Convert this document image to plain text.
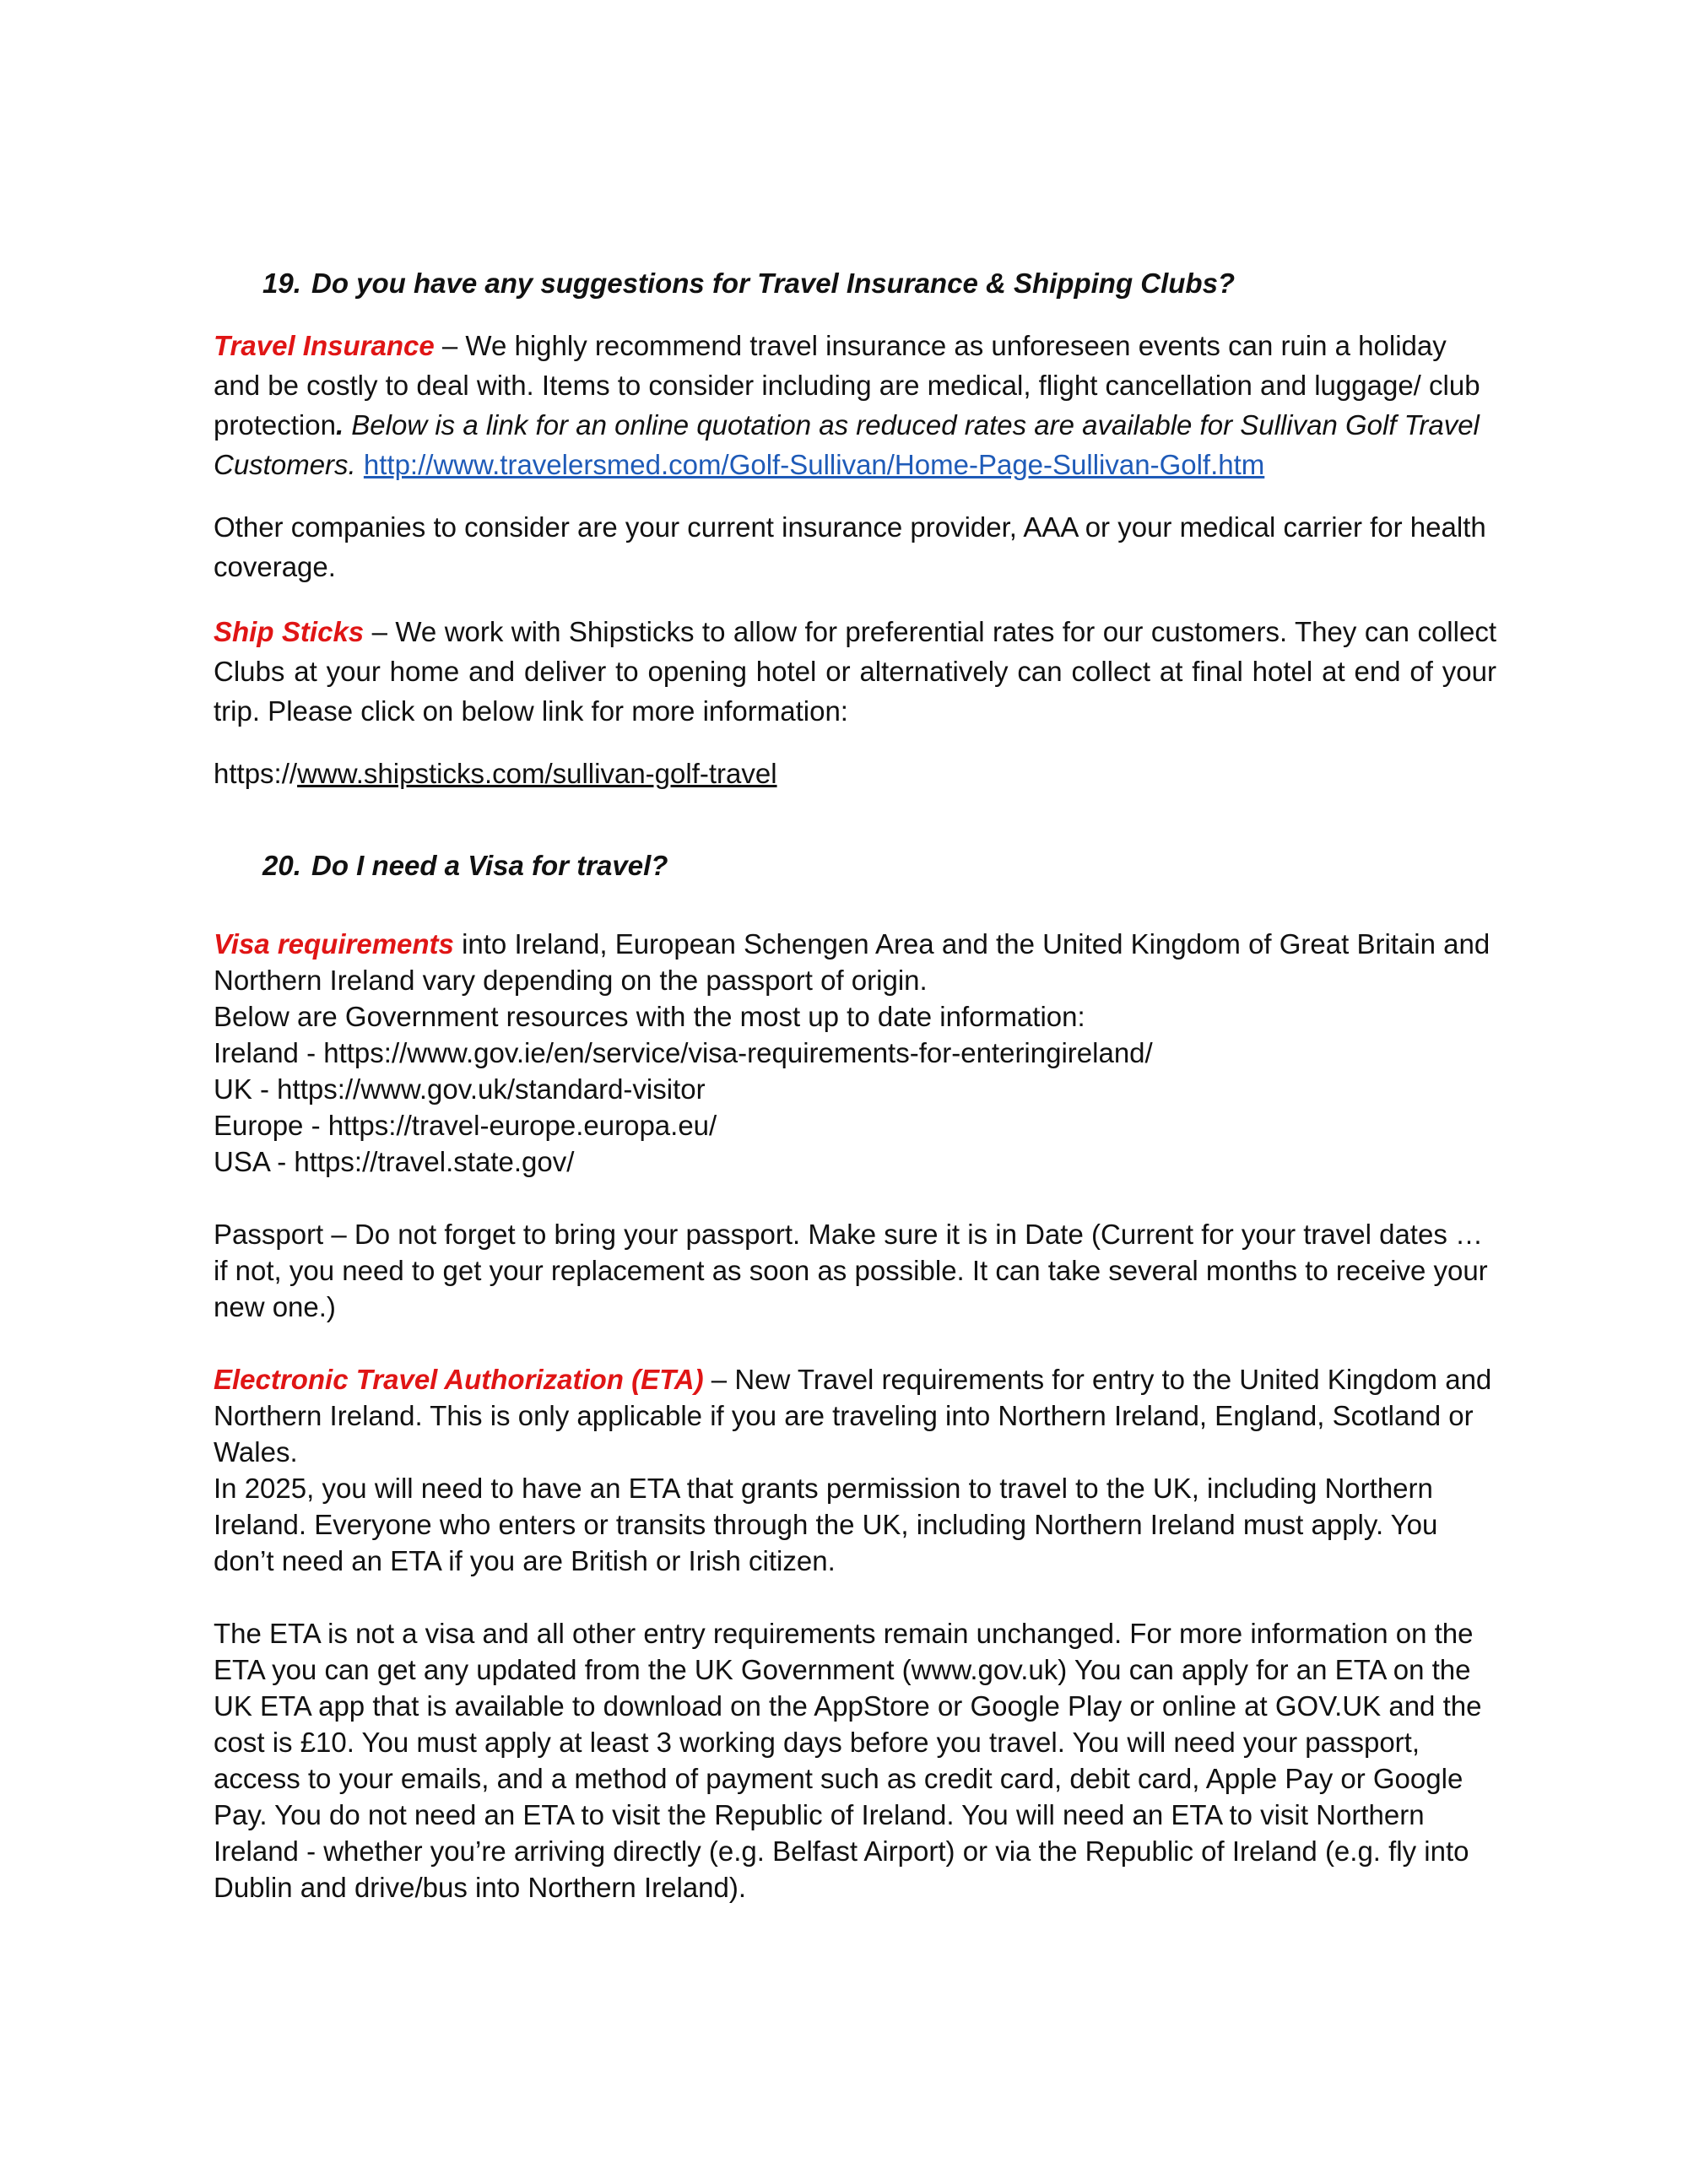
19. Do you have any suggestions for Travel Insurance & Shipping Clubs?

Travel Insurance – We highly recommend travel insurance as unforeseen events can ruin a holiday and be costly to deal with. Items to consider including are medical, flight cancellation and luggage/ club protection. Below is a link for an online quotation as reduced rates are available for Sullivan Golf Travel Customers. http://www.travelersmed.com/Golf-Sullivan/Home-Page-Sullivan-Golf.htm

Other companies to consider are your current insurance provider, AAA or your medical carrier for health coverage.

Ship Sticks – We work with Shipsticks to allow for preferential rates for our customers. They can collect Clubs at your home and deliver to opening hotel or alternatively can collect at final hotel at end of your trip. Please click on below link for more information:

https://www.shipsticks.com/sullivan-golf-travel

20. Do I need a Visa for travel?

Visa requirements into Ireland, European Schengen Area and the United Kingdom of Great Britain and Northern Ireland vary depending on the passport of origin.

Below are Government resources with the most up to date information:

Ireland - https://www.gov.ie/en/service/visa-requirements-for-enteringireland/

UK - https://www.gov.uk/standard-visitor

Europe - https://travel-europe.europa.eu/

USA - https://travel.state.gov/

Passport – Do not forget to bring your passport. Make sure it is in Date (Current for your travel dates … if not, you need to get your replacement as soon as possible. It can take several months to receive your new one.)

Electronic Travel Authorization (ETA) – New Travel requirements for entry to the United Kingdom and Northern Ireland. This is only applicable if you are traveling into Northern Ireland, England, Scotland or Wales.

In 2025, you will need to have an ETA that grants permission to travel to the UK, including Northern Ireland. Everyone who enters or transits through the UK, including Northern Ireland must apply. You don’t need an ETA if you are British or Irish citizen.

The ETA is not a visa and all other entry requirements remain unchanged. For more information on the ETA you can get any updated from the UK Government (www.gov.uk) You can apply for an ETA on the UK ETA app that is available to download on the AppStore or Google Play or online at GOV.UK and the cost is £10. You must apply at least 3 working days before you travel. You will need your passport, access to your emails, and a method of payment such as credit card, debit card, Apple Pay or Google Pay. You do not need an ETA to visit the Republic of Ireland. You will need an ETA to visit Northern Ireland - whether you’re arriving directly (e.g. Belfast Airport) or via the Republic of Ireland (e.g. fly into Dublin and drive/bus into Northern Ireland).
